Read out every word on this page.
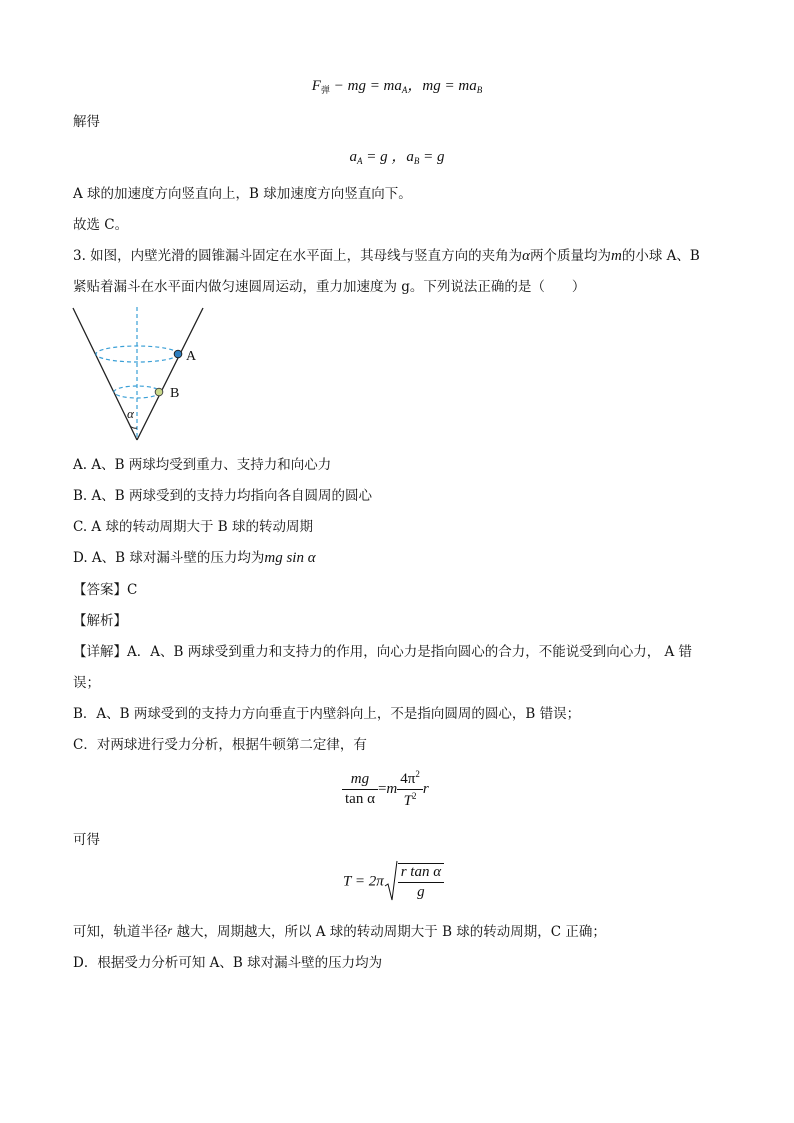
$F_弹$ − mg = $ma_A$，mg = $ma_B$
解得
$a_A = g$ ，$a_B = g$
A 球的加速度方向竖直向上，B 球加速度方向竖直向下。
故选 C。
3. 如图，内壁光滑的圆锥漏斗固定在水平面上，其母线与竖直方向的夹角为α两个质量均为m的小球 A、B
紧贴着漏斗在水平面内做匀速圆周运动，重力加速度为 g。下列说法正确的是（　　）
A
B
α
A. A、B 两球均受到重力、支持力和向心力
B. A、B 两球受到的支持力均指向各自圆周的圆心
C. A 球的转动周期大于 B 球的转动周期
D. A、B 球对漏斗壁的压力均为mg sin α
【答案】C
【解析】
【详解】A．A、B 两球受到重力和支持力的作用，向心力是指向圆心的合力，不能说受到向心力， A 错
误；
B．A、B 两球受到的支持力方向垂直于内壁斜向上，不是指向圆周的圆心，B 错误；
C．对两球进行受力分析，根据牛顿第二定律，有
$\frac{mg}{\text{tan α}} =m \frac{4\pi^2}{T^2}$ r
可得
$T = 2\pi \frac{\text{r tan α}}{g}$
可知，轨道半径r 越大，周期越大，所以 A 球的转动周期大于 B 球的转动周期，C 正确；
D．根据受力分析可知 A、B 球对漏斗壁的压力均为
